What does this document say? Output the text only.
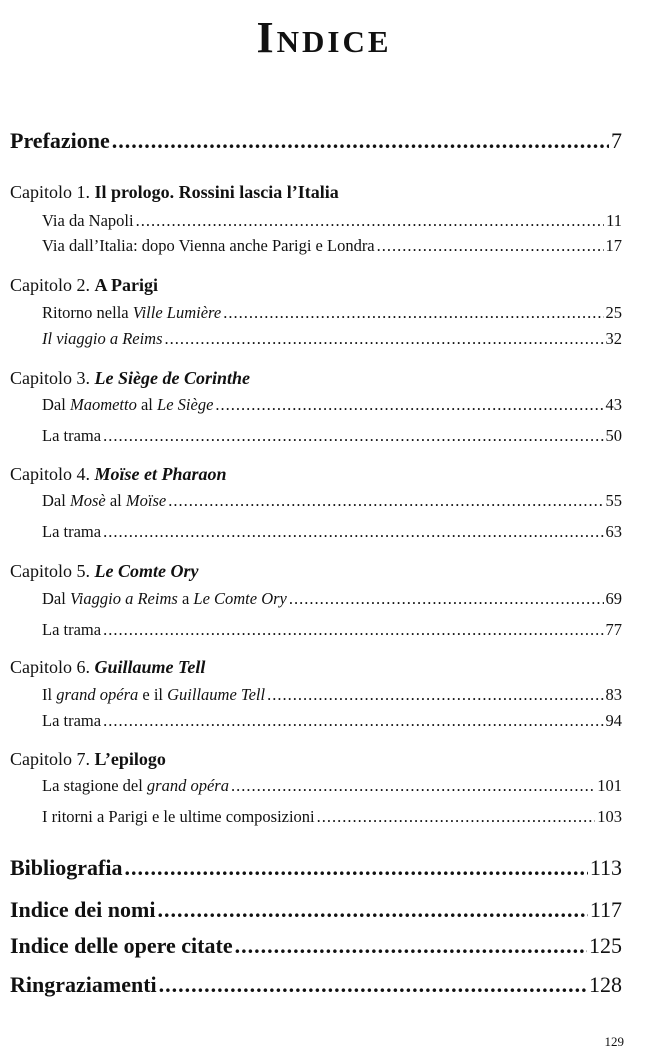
Indice
Prefazione .....	7
Capitolo 1.
Il prologo. Rossini lascia l’Italia
Via da Napoli .....	11
Via dall’Italia: dopo Vienna anche Parigi e Londra .....	17
Capitolo 2.
A Parigi
Ritorno nella Ville Lumière .....	25
Il viaggio a Reims .....	32
Capitolo 3.
Le Siège de Corinthe
Dal Maometto al Le Siège .....	43
La trama .....	50
Capitolo 4.
Moïse et Pharaon
Dal Mosè al Moïse .....	55
La trama .....	63
Capitolo 5.
Le Comte Ory
Dal Viaggio a Reims a Le Comte Ory .....	69
La trama .....	77
Capitolo 6.
Guillaume Tell
Il grand opéra e il Guillaume Tell .....	83
La trama .....	94
Capitolo 7.
L’epilogo
La stagione del grand opéra .....	101
I ritorni a Parigi e le ultime composizioni .....	103
Bibliografia .....	113
Indice dei nomi .....	117
Indice delle opere citate .....	125
Ringraziamenti .....	128
129
